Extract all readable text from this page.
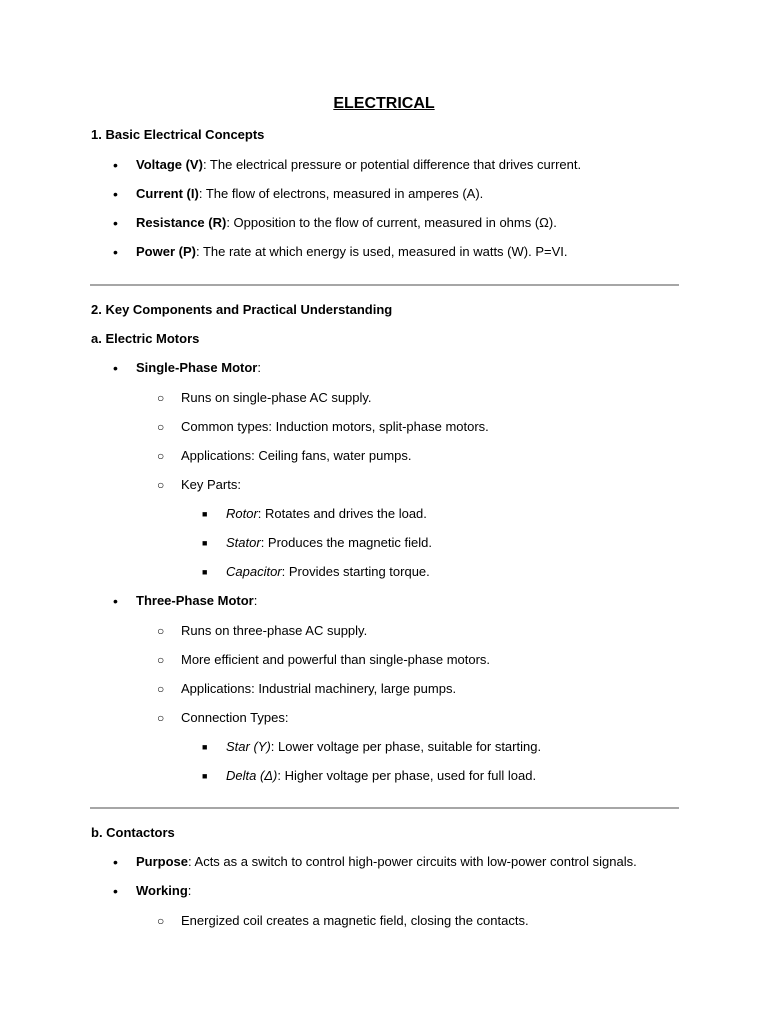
ELECTRICAL
1. Basic Electrical Concepts
• Voltage (V): The electrical pressure or potential difference that drives current.
• Current (I): The flow of electrons, measured in amperes (A).
• Resistance (R): Opposition to the flow of current, measured in ohms (Ω).
• Power (P): The rate at which energy is used, measured in watts (W). P=VI.
2. Key Components and Practical Understanding
a. Electric Motors
• Single-Phase Motor:
○ Runs on single-phase AC supply.
○ Common types: Induction motors, split-phase motors.
○ Applications: Ceiling fans, water pumps.
○ Key Parts:
■ Rotor: Rotates and drives the load.
■ Stator: Produces the magnetic field.
■ Capacitor: Provides starting torque.
• Three-Phase Motor:
○ Runs on three-phase AC supply.
○ More efficient and powerful than single-phase motors.
○ Applications: Industrial machinery, large pumps.
○ Connection Types:
■ Star (Y): Lower voltage per phase, suitable for starting.
■ Delta (Δ): Higher voltage per phase, used for full load.
b. Contactors
• Purpose: Acts as a switch to control high-power circuits with low-power control signals.
• Working:
○ Energized coil creates a magnetic field, closing the contacts.
